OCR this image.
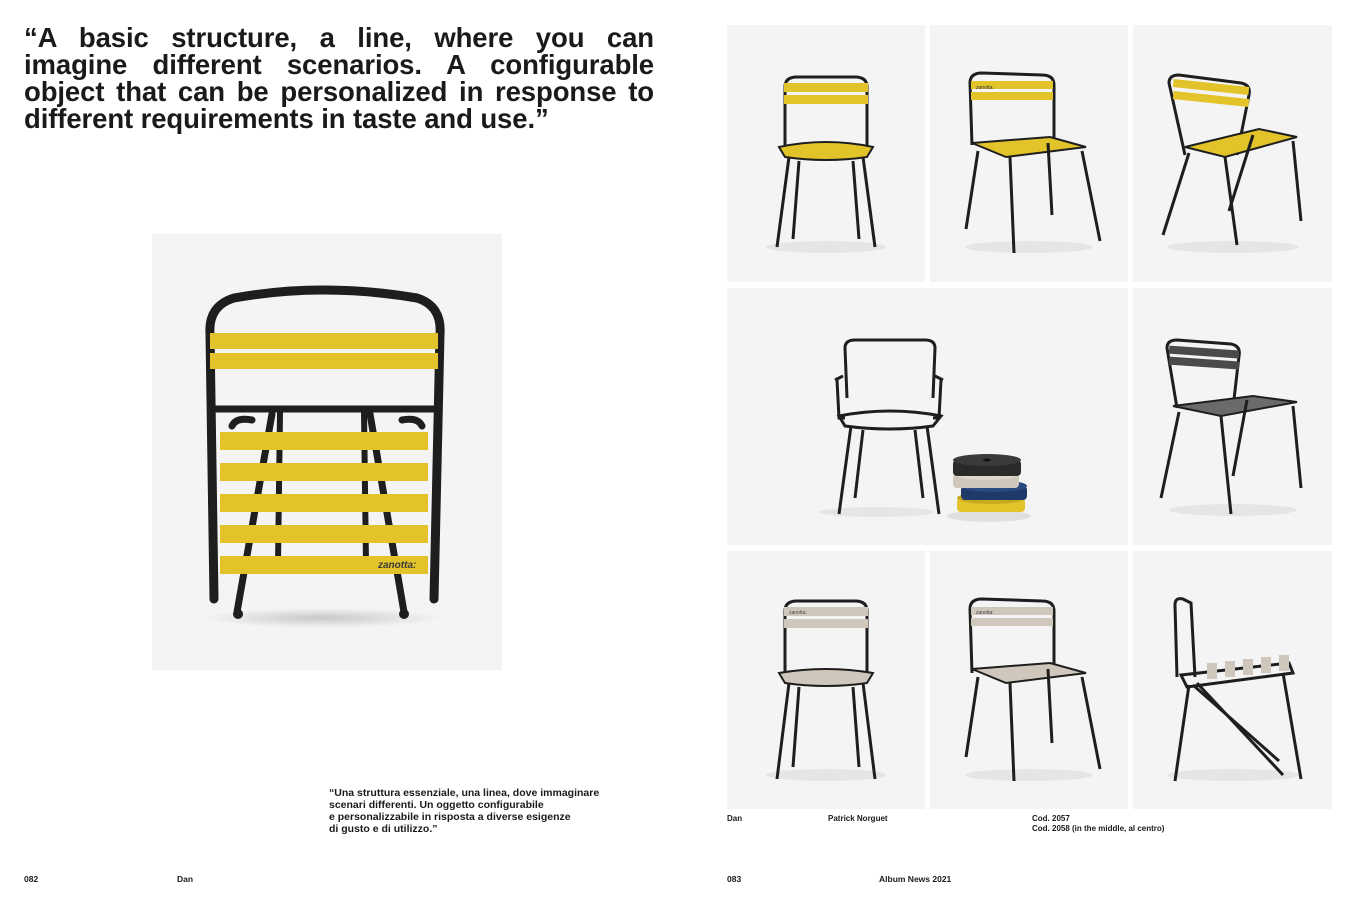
“A basic structure, a line, where you can imagine different scenarios. A configurable object that can be personalized in response to different requirements in taste and use.”

zanotta:
“Una struttura essenziale, una linea, dove immaginare
scenari differenti. Un oggetto configurabile
e personalizzabile in risposta a diverse esigenze
di gusto e di utilizzo.”
082	Dan
zanotta:
zanotta:	zanotta:
Dan	Patrick Norguet	Cod. 2057
Cod. 2058 (in the middle, al centro)
083	Album News 2021
